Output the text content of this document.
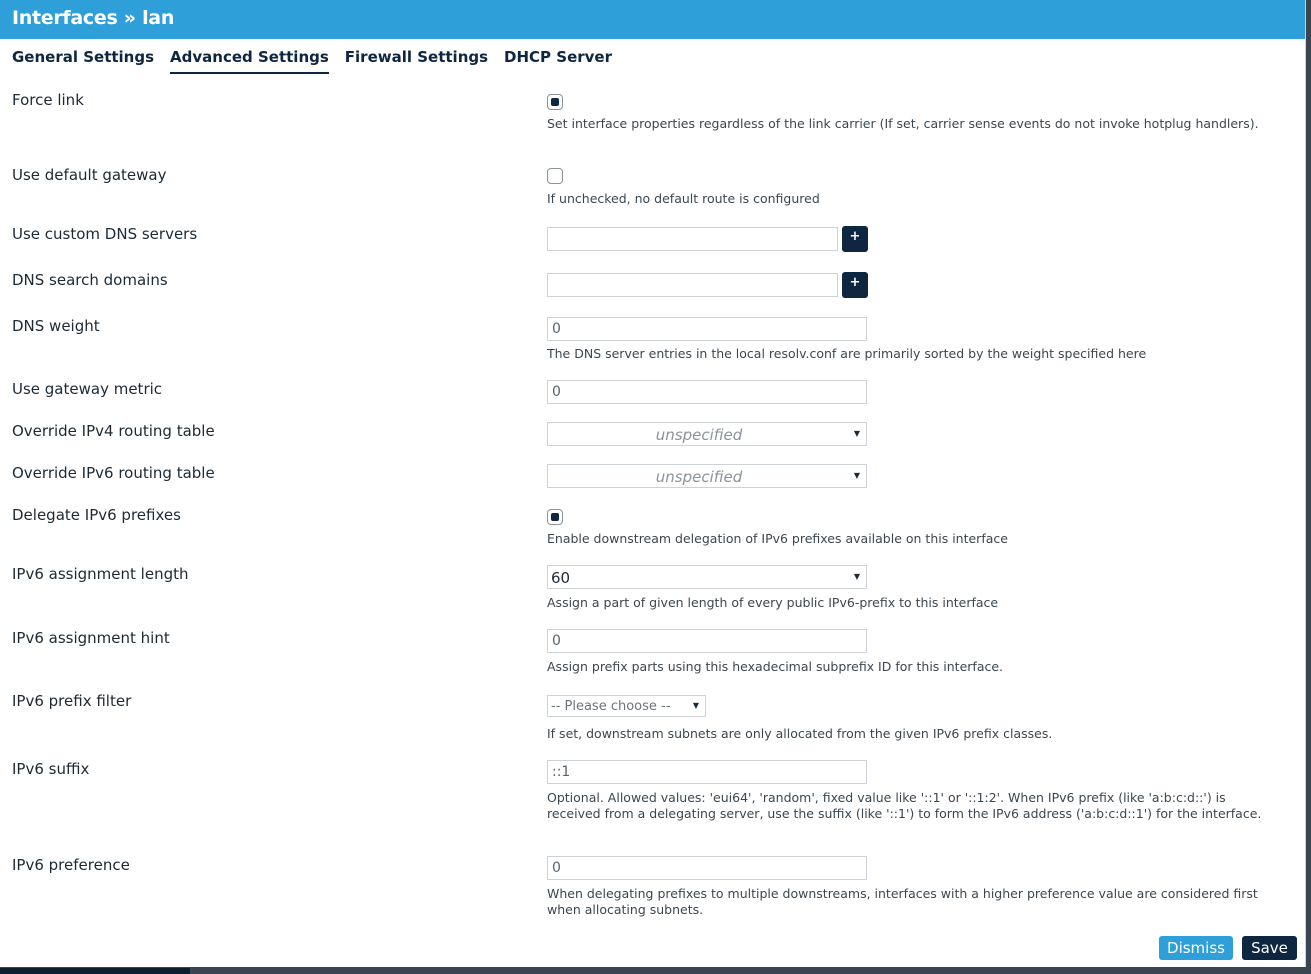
Interfaces » lan
General Settings Advanced Settings Firewall Settings DHCP Server
Force link
Set interface properties regardless of the link carrier (If set, carrier sense events do not invoke hotplug handlers).
Use default gateway
If unchecked, no default route is configured
Use custom DNS servers	+
DNS search domains	+
DNS weight	0
The DNS server entries in the local resolv.conf are primarily sorted by the weight specified here
Use gateway metric	0
Override IPv4 routing table	unspecified	▼
Override IPv6 routing table	unspecified	▼
Delegate IPv6 prefixes
Enable downstream delegation of IPv6 prefixes available on this interface
IPv6 assignment length	60	▼
Assign a part of given length of every public IPv6-prefix to this interface
IPv6 assignment hint	0
Assign prefix parts using this hexadecimal subprefix ID for this interface.
IPv6 prefix filter	-- Please choose --	▼
If set, downstream subnets are only allocated from the given IPv6 prefix classes.
IPv6 suffix	::1
Optional. Allowed values: 'eui64', 'random', fixed value like '::1' or '::1:2'. When IPv6 prefix (like 'a:b:c:d::') is received from a delegating server, use the suffix (like '::1') to form the IPv6 address ('a:b:c:d::1') for the interface.
IPv6 preference	0
When delegating prefixes to multiple downstreams, interfaces with a higher preference value are considered first when allocating subnets.
Dismiss	Save
